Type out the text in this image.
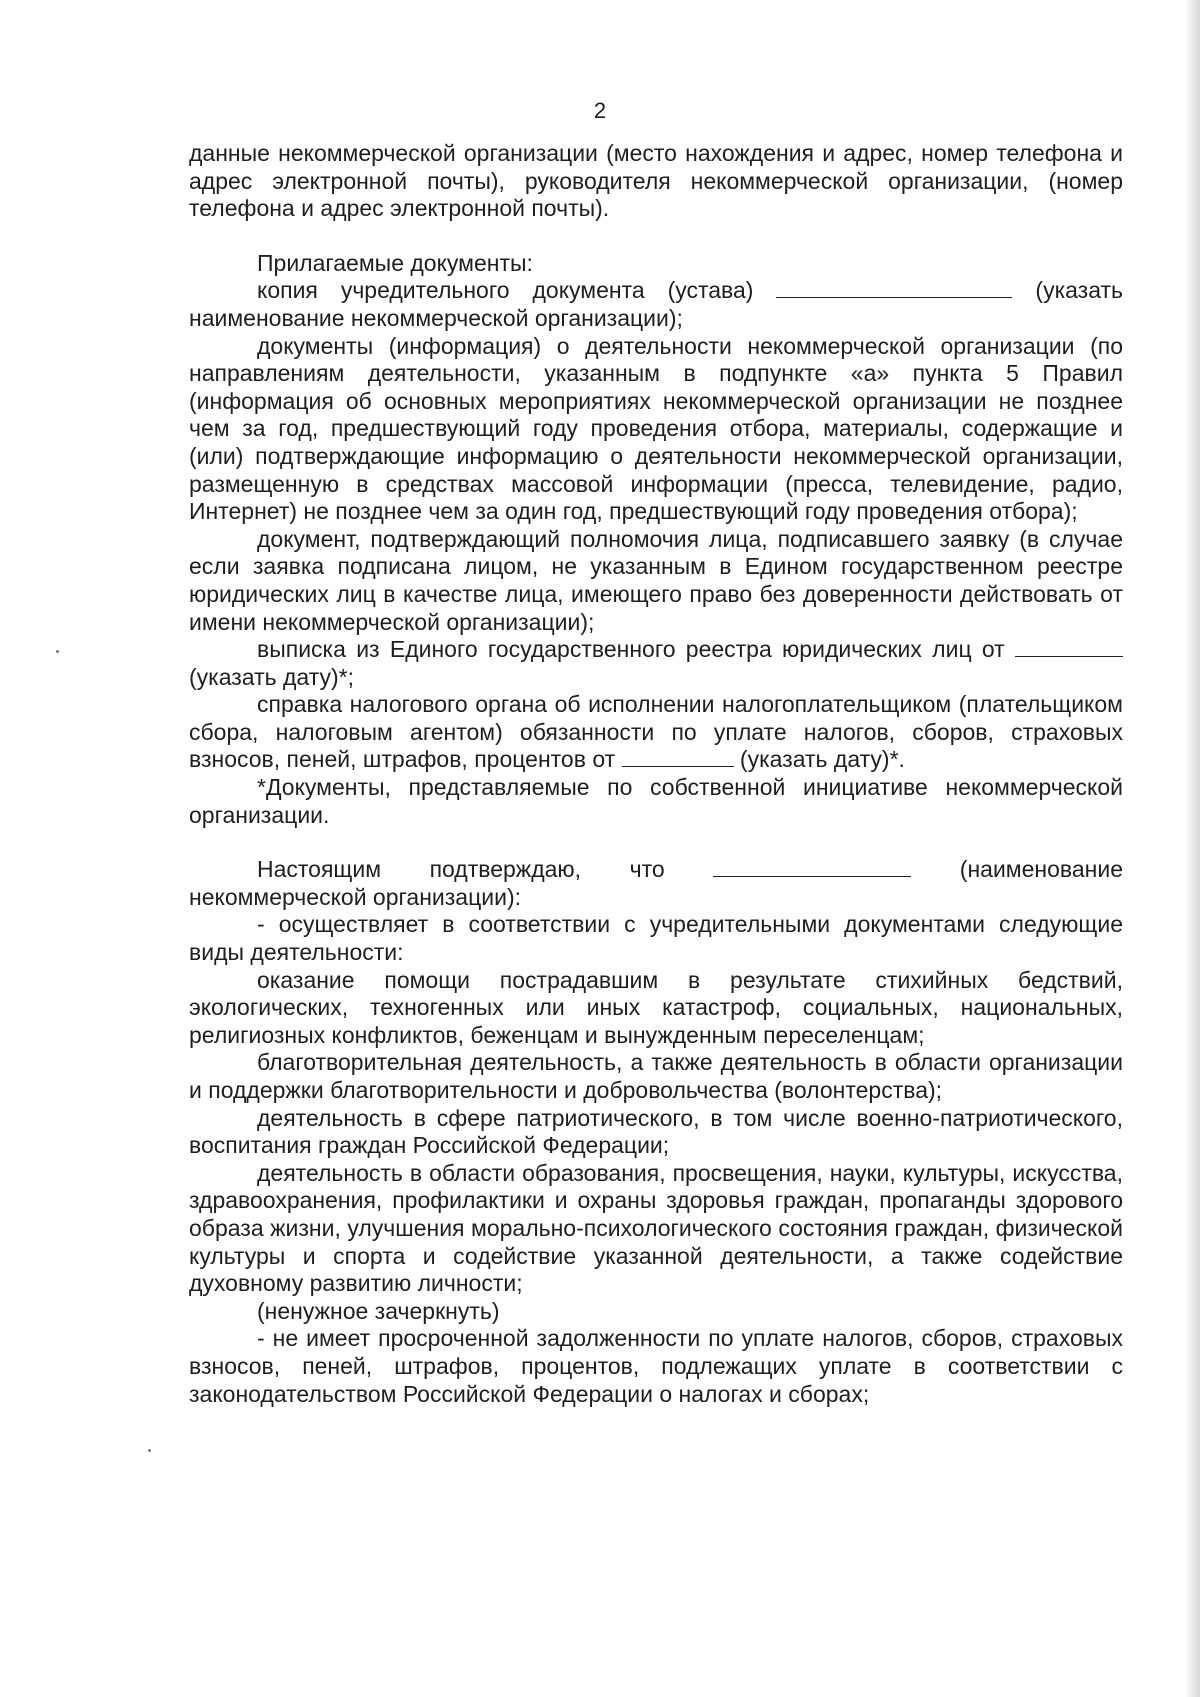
2

данные некоммерческой организации (место нахождения и адрес, номер телефона и адрес электронной почты), руководителя некоммерческой организации, (номер телефона и адрес электронной почты).

Прилагаемые документы:

копия учредительного документа (устава)	(указать наименование некоммерческой организации);

документы (информация) о деятельности некоммерческой организации (по направлениям деятельности, указанным в подпункте «а» пункта 5 Правил (информация об основных мероприятиях некоммерческой организации не позднее чем за год, предшествующий году проведения отбора, материалы, содержащие и (или) подтверждающие информацию о деятельности некоммерческой организации, размещенную в средствах массовой информации (пресса, телевидение, радио, Интернет) не позднее чем за один год, предшествующий году проведения отбора);

документ, подтверждающий полномочия лица, подписавшего заявку (в случае если заявка подписана лицом, не указанным в Едином государственном реестре юридических лиц в качестве лица, имеющего право без доверенности действовать от имени некоммерческой организации);

выписка из Единого государственного реестра юридических лиц от  (указать дату)*;

справка налогового органа об исполнении налогоплательщиком (плательщиком сбора, налоговым агентом) обязанности по уплате налогов, сборов, страховых взносов, пеней, штрафов, процентов от	(указать дату)*.

*Документы, представляемые по собственной инициативе некоммерческой организации.

Настоящим подтверждаю, что	(наименование некоммерческой организации):

- осуществляет в соответствии с учредительными документами следующие виды деятельности:

оказание помощи пострадавшим в результате стихийных бедствий, экологических, техногенных или иных катастроф, социальных, национальных, религиозных конфликтов, беженцам и вынужденным переселенцам;

благотворительная деятельность, а также деятельность в области организации и поддержки благотворительности и добровольчества (волонтерства);

деятельность в сфере патриотического, в том числе военно-патриотического, воспитания граждан Российской Федерации;

деятельность в области образования, просвещения, науки, культуры, искусства, здравоохранения, профилактики и охраны здоровья граждан, пропаганды здорового образа жизни, улучшения морально-психологического состояния граждан, физической культуры и спорта и содействие указанной деятельности, а также содействие духовному развитию личности;

(ненужное зачеркнуть)

- не имеет просроченной задолженности по уплате налогов, сборов, страховых взносов, пеней, штрафов, процентов, подлежащих уплате в соответствии с законодательством Российской Федерации о налогах и сборах;
